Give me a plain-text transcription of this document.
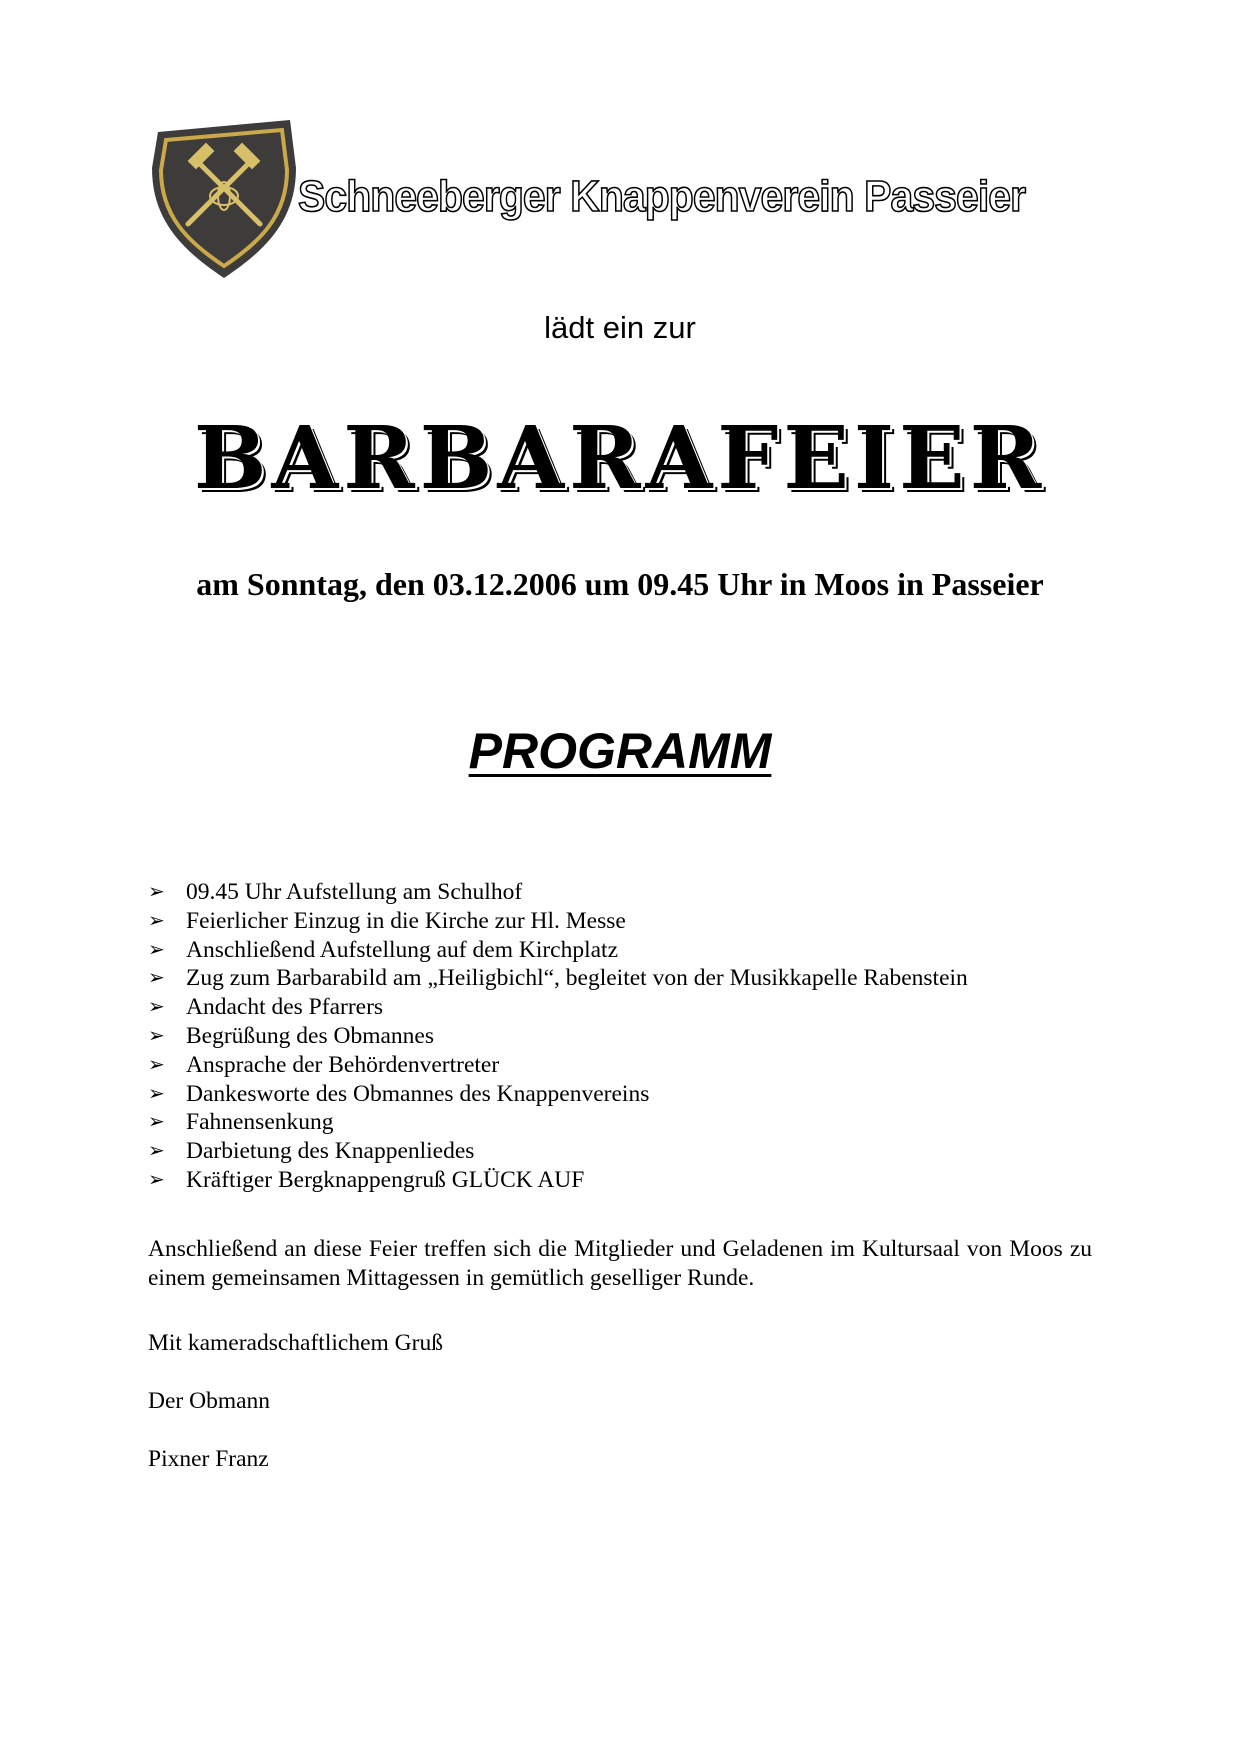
Schneeberger Knappenverein Passeier
lädt ein zur
BARBARAFEIER
am Sonntag, den 03.12.2006 um 09.45 Uhr in Moos in Passeier
PROGRAMM
➢ 09.45 Uhr Aufstellung am Schulhof
➢ Feierlicher Einzug in die Kirche zur Hl. Messe
➢ Anschließend Aufstellung auf dem Kirchplatz
➢ Zug zum Barbarabild am „Heiligbichl“, begleitet von der Musikkapelle Rabenstein
➢ Andacht des Pfarrers
➢ Begrüßung des Obmannes
➢ Ansprache der Behördenvertreter
➢ Dankesworte des Obmannes des Knappenvereins
➢ Fahnensenkung
➢ Darbietung des Knappenliedes
➢ Kräftiger Bergknappengruß GLÜCK AUF

Anschließend an diese Feier treffen sich die Mitglieder und Geladenen im Kultursaal von Moos zu einem gemeinsamen Mittagessen in gemütlich geselliger Runde.

Mit kameradschaftlichem Gruß

Der Obmann

Pixner Franz
